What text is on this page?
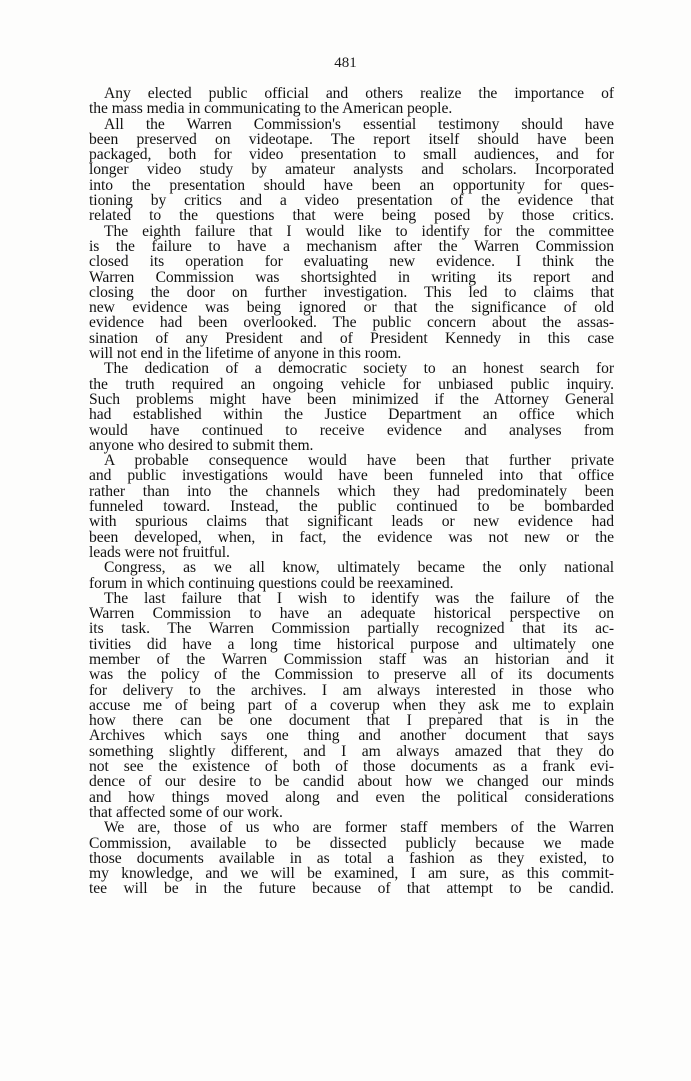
481
Any elected public official and others realize the importance of
the mass media in communicating to the American people.
All the Warren Commission's essential testimony should have
been preserved on videotape. The report itself should have been
packaged, both for video presentation to small audiences, and for
longer video study by amateur analysts and scholars. Incorporated
into the presentation should have been an opportunity for ques-
tioning by critics and a video presentation of the evidence that
related to the questions that were being posed by those critics.
The eighth failure that I would like to identify for the committee
is the failure to have a mechanism after the Warren Commission
closed its operation for evaluating new evidence. I think the
Warren Commission was shortsighted in writing its report and
closing the door on further investigation. This led to claims that
new evidence was being ignored or that the significance of old
evidence had been overlooked. The public concern about the assas-
sination of any President and of President Kennedy in this case
will not end in the lifetime of anyone in this room.
The dedication of a democratic society to an honest search for
the truth required an ongoing vehicle for unbiased public inquiry.
Such problems might have been minimized if the Attorney General
had established within the Justice Department an office which
would have continued to receive evidence and analyses from
anyone who desired to submit them.
A probable consequence would have been that further private
and public investigations would have been funneled into that office
rather than into the channels which they had predominately been
funneled toward. Instead, the public continued to be bombarded
with spurious claims that significant leads or new evidence had
been developed, when, in fact, the evidence was not new or the
leads were not fruitful.
Congress, as we all know, ultimately became the only national
forum in which continuing questions could be reexamined.
The last failure that I wish to identify was the failure of the
Warren Commission to have an adequate historical perspective on
its task. The Warren Commission partially recognized that its ac-
tivities did have a long time historical purpose and ultimately one
member of the Warren Commission staff was an historian and it
was the policy of the Commission to preserve all of its documents
for delivery to the archives. I am always interested in those who
accuse me of being part of a coverup when they ask me to explain
how there can be one document that I prepared that is in the
Archives which says one thing and another document that says
something slightly different, and I am always amazed that they do
not see the existence of both of those documents as a frank evi-
dence of our desire to be candid about how we changed our minds
and how things moved along and even the political considerations
that affected some of our work.
We are, those of us who are former staff members of the Warren
Commission, available to be dissected publicly because we made
those documents available in as total a fashion as they existed, to
my knowledge, and we will be examined, I am sure, as this commit-
tee will be in the future because of that attempt to be candid.
